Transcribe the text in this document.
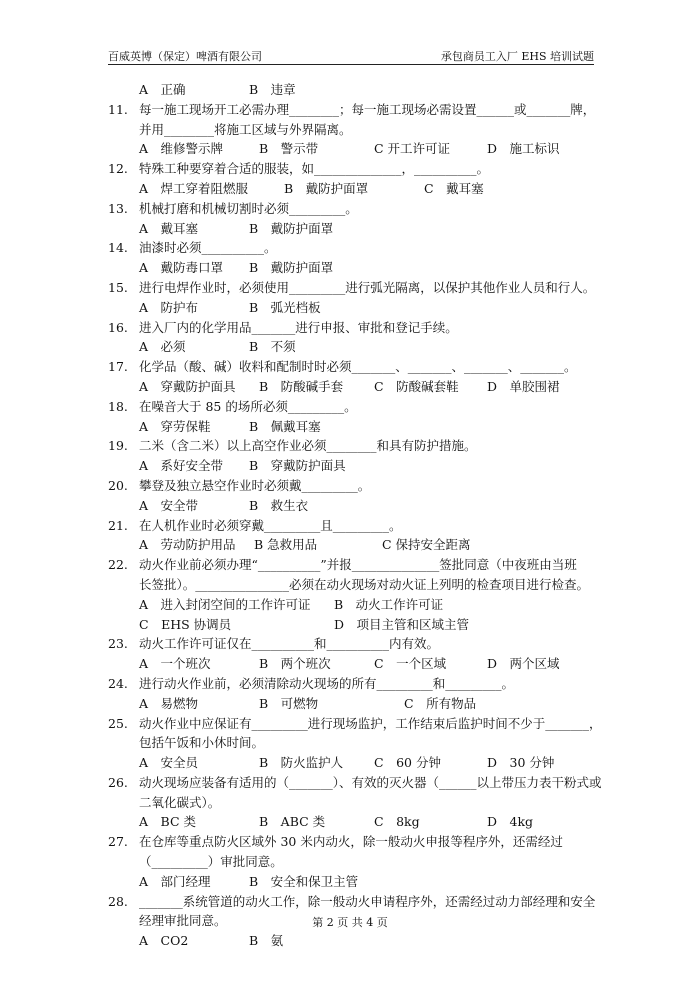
百威英博（保定）啤酒有限公司	承包商员工入厂 EHS 培训试题
A　正确	B　违章
11. 每一施工现场开工必需办理________；每一施工现场必需设置______或_______牌，
并用________将施工区域与外界隔离。
A　维修警示牌	B　警示带	C 开工许可证	D　施工标识
12. 特殊工种要穿着合适的服装，如______________，__________。
A　焊工穿着阻燃服	B　戴防护面罩	C　戴耳塞
13. 机械打磨和机械切割时必须_________。
A　戴耳塞	B　戴防护面罩
14. 油漆时必须__________。
A　戴防毒口罩 B　戴防护面罩
15. 进行电焊作业时，必须使用_________进行弧光隔离，以保护其他作业人员和行人。
A　防护布	B　弧光档板
16. 进入厂内的化学用品_______进行申报、审批和登记手续。
A　必须	B　不须
17. 化学品（酸、碱）收料和配制时时必须_______、_______、_______、_______。
A　穿戴防护面具 B　防酸碱手套 C　防酸碱套鞋 D　单胶围裙
18. 在噪音大于 85 的场所必须_________。
A　穿劳保鞋	B　佩戴耳塞
19. 二米（含二米）以上高空作业必须________和具有防护措施。
A　系好安全带 B　穿戴防护面具
20. 攀登及独立悬空作业时必须戴_________。
A　安全带	B　救生衣
21. 在人机作业时必须穿戴_________且_________。
A　劳动防护用品 B 急救用品	C 保持安全距离
22. 动火作业前必须办理“__________”并报______________签批同意（中夜班由当班
长签批）。_______________必须在动火现场对动火证上列明的检查项目进行检查。
A　进入封闭空间的工作许可证 B　动火工作许可证
C　EHS 协调员	D　项目主管和区域主管
23. 动火工作许可证仅在__________和__________内有效。
A　一个班次	B　两个班次	C　一个区域	D　两个区域
24. 进行动火作业前，必须清除动火现场的所有_________和_________。
A　易燃物	B　可燃物	C　所有物品
25. 动火作业中应保证有_________进行现场监护，工作结束后监护时间不少于_______，
包括午饭和小休时间。
A　安全员	B　防火监护人 C　60 分钟	D　30 分钟
26. 动火现场应装备有适用的（_______）、有效的灭火器（______以上带压力表干粉式或
二氧化碳式）。
A　BC 类	B　ABC 类	C　8kg	D　4kg
27. 在仓库等重点防火区域外 30 米内动火，除一般动火申报等程序外，还需经过
（_________）审批同意。
A　部门经理	B　安全和保卫主管
28. _______系统管道的动火工作，除一般动火申请程序外，还需经过动力部经理和安全
经理审批同意。
A　CO2	B　氨
第 2 页 共 4 页
